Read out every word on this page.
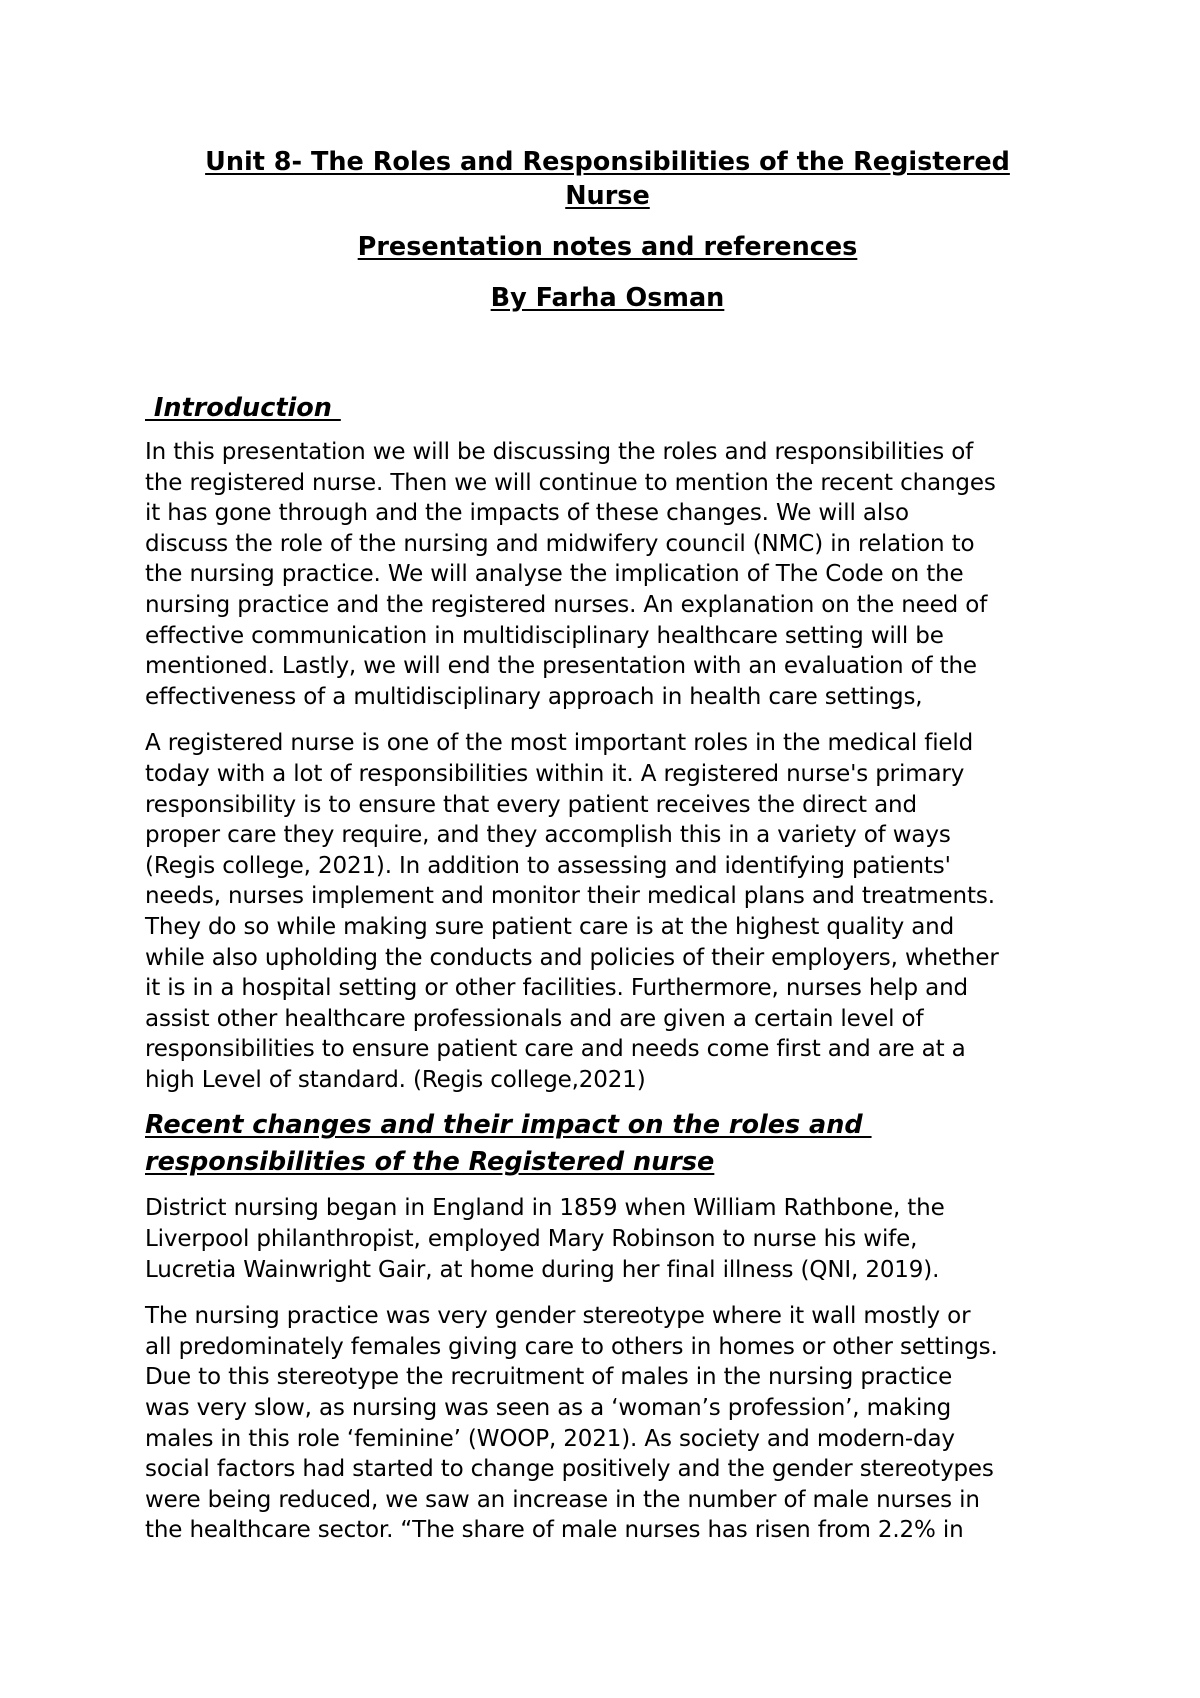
Unit 8- The Roles and Responsibilities of the Registered
Nurse
Presentation notes and references
By Farha Osman
Introduction
In this presentation we will be discussing the roles and responsibilities of
the registered nurse. Then we will continue to mention the recent changes
it has gone through and the impacts of these changes. We will also
discuss the role of the nursing and midwifery council (NMC) in relation to
the nursing practice. We will analyse the implication of The Code on the
nursing practice and the registered nurses. An explanation on the need of
effective communication in multidisciplinary healthcare setting will be
mentioned. Lastly, we will end the presentation with an evaluation of the
effectiveness of a multidisciplinary approach in health care settings,
A registered nurse is one of the most important roles in the medical field
today with a lot of responsibilities within it. A registered nurse's primary
responsibility is to ensure that every patient receives the direct and
proper care they require, and they accomplish this in a variety of ways
(Regis college, 2021). In addition to assessing and identifying patients'
needs, nurses implement and monitor their medical plans and treatments.
They do so while making sure patient care is at the highest quality and
while also upholding the conducts and policies of their employers, whether
it is in a hospital setting or other facilities. Furthermore, nurses help and
assist other healthcare professionals and are given a certain level of
responsibilities to ensure patient care and needs come first and are at a
high Level of standard. (Regis college,2021)
Recent changes and their impact on the roles and
responsibilities of the Registered nurse
District nursing began in England in 1859 when William Rathbone, the
Liverpool philanthropist, employed Mary Robinson to nurse his wife,
Lucretia Wainwright Gair, at home during her final illness (QNI, 2019).
The nursing practice was very gender stereotype where it wall mostly or
all predominately females giving care to others in homes or other settings.
Due to this stereotype the recruitment of males in the nursing practice
was very slow, as nursing was seen as a ‘woman’s profession’, making
males in this role ‘feminine’ (WOOP, 2021). As society and modern-day
social factors had started to change positively and the gender stereotypes
were being reduced, we saw an increase in the number of male nurses in
the healthcare sector. “The share of male nurses has risen from 2.2% in
